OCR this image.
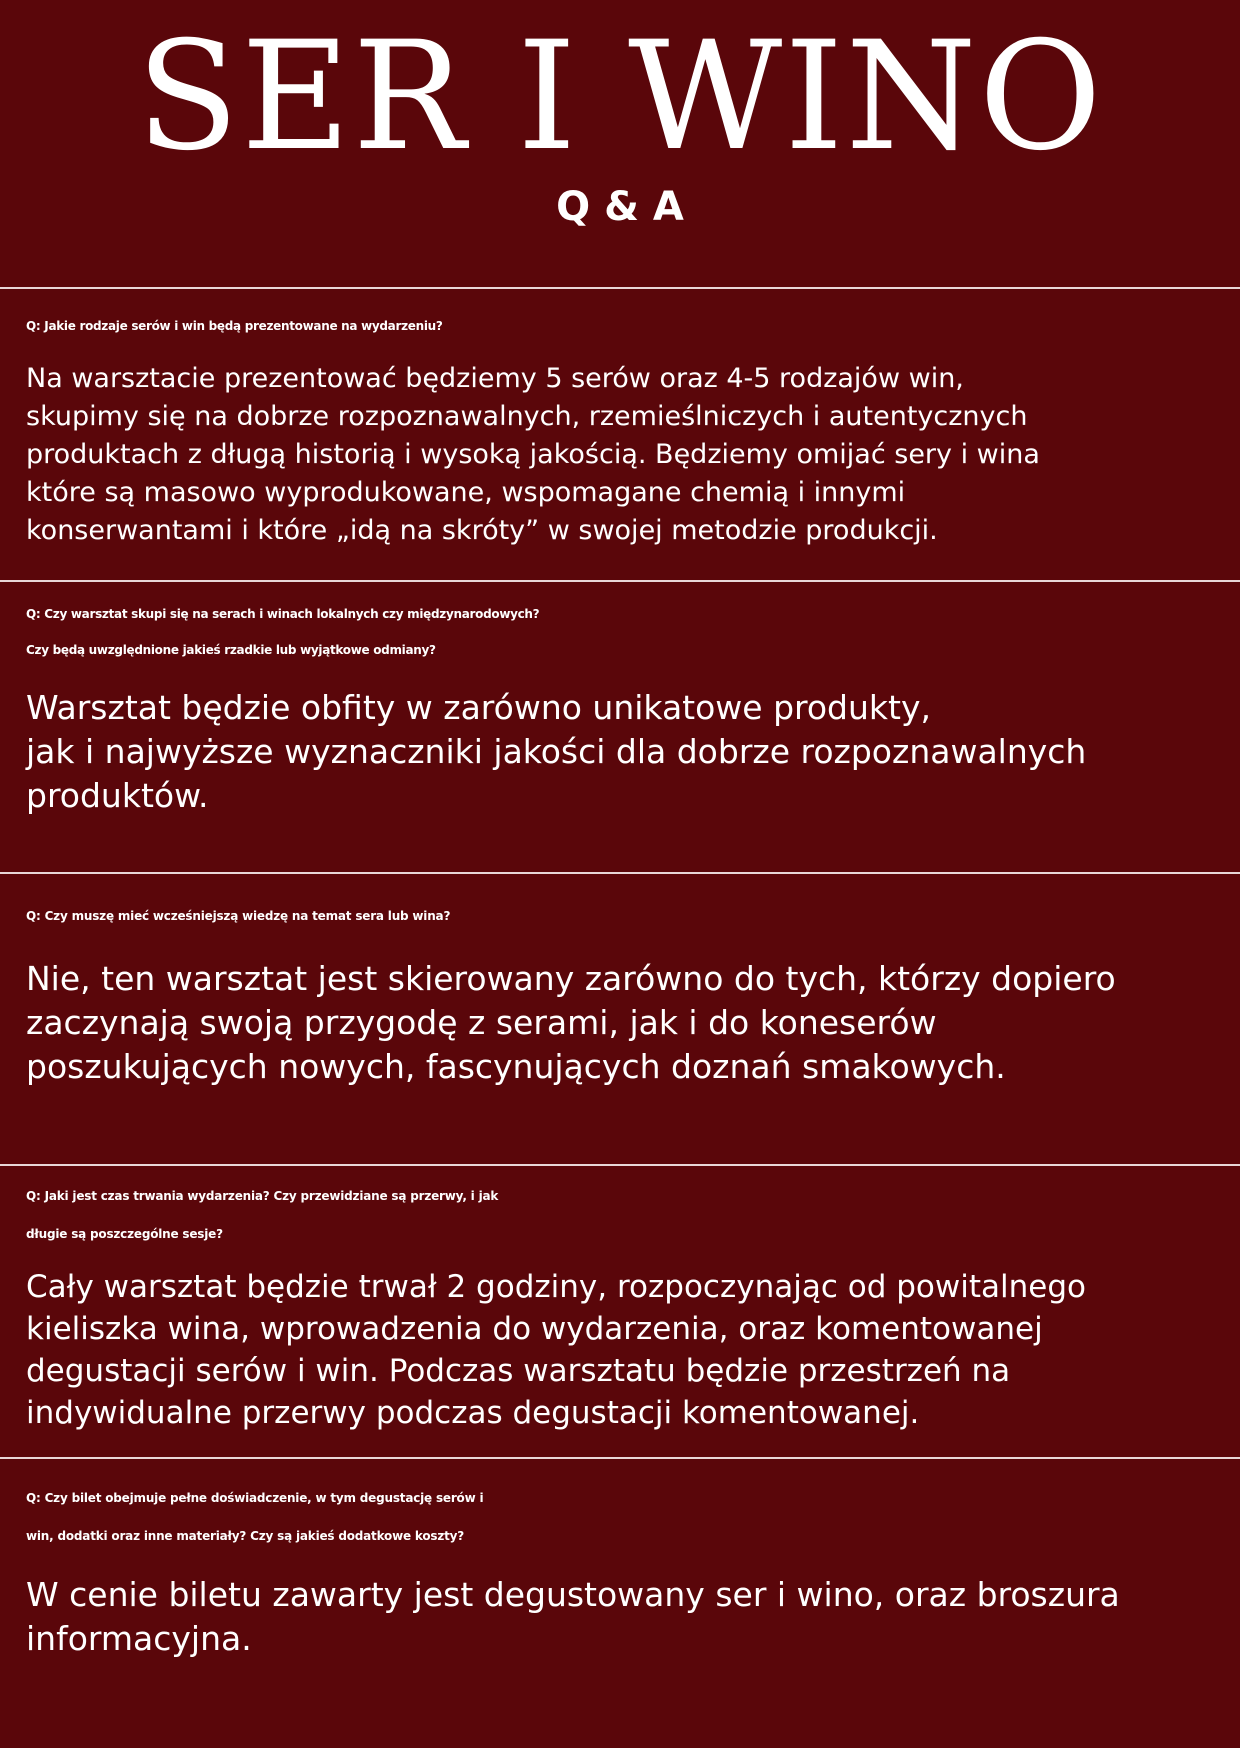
SER I WINO
Q & A

Q: Jakie rodzaje serów i win będą prezentowane na wydarzeniu?

Na warsztacie prezentować będziemy 5 serów oraz 4-5 rodzajów win,
skupimy się na dobrze rozpoznawalnych, rzemieślniczych i autentycznych
produktach z długą historią i wysoką jakością. Będziemy omijać sery i wina
które są masowo wyprodukowane, wspomagane chemią i innymi
konserwantami i które „idą na skróty” w swojej metodzie produkcji.

Q: Czy warsztat skupi się na serach i winach lokalnych czy międzynarodowych?

Czy będą uwzględnione jakieś rzadkie lub wyjątkowe odmiany?

Warsztat będzie obfity w zarówno unikatowe produkty,
jak i najwyższe wyznaczniki jakości dla dobrze rozpoznawalnych
produktów.

Q: Czy muszę mieć wcześniejszą wiedzę na temat sera lub wina?

Nie, ten warsztat jest skierowany zarówno do tych, którzy dopiero
zaczynają swoją przygodę z serami, jak i do koneserów
poszukujących nowych, fascynujących doznań smakowych.

Q: Jaki jest czas trwania wydarzenia? Czy przewidziane są przerwy, i jak

długie są poszczególne sesje?

Cały warsztat będzie trwał 2 godziny, rozpoczynając od powitalnego
kieliszka wina, wprowadzenia do wydarzenia, oraz komentowanej
degustacji serów i win. Podczas warsztatu będzie przestrzeń na
indywidualne przerwy podczas degustacji komentowanej.

Q: Czy bilet obejmuje pełne doświadczenie, w tym degustację serów i

win, dodatki oraz inne materiały? Czy są jakieś dodatkowe koszty?

W cenie biletu zawarty jest degustowany ser i wino, oraz broszura
informacyjna.
